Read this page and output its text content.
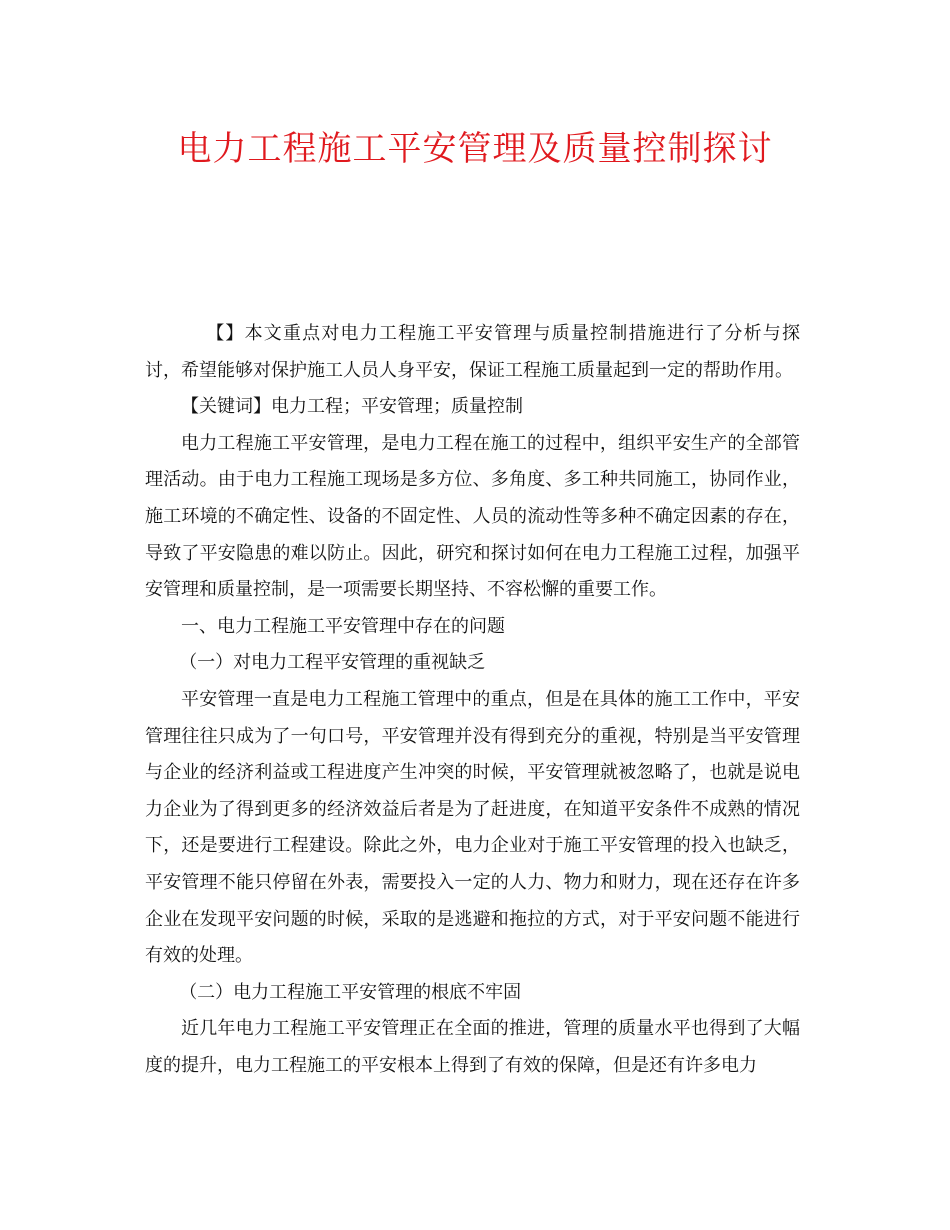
电力工程施工平安管理及质量控制探讨

【】本文重点对电力工程施工平安管理与质量控制措施进行了分析与探讨，希望能够对保护施工人员人身平安，保证工程施工质量起到一定的帮助作用。

【关键词】电力工程；平安管理；质量控制

电力工程施工平安管理，是电力工程在施工的过程中，组织平安生产的全部管理活动。由于电力工程施工现场是多方位、多角度、多工种共同施工，协同作业，施工环境的不确定性、设备的不固定性、人员的流动性等多种不确定因素的存在，导致了平安隐患的难以防止。因此，研究和探讨如何在电力工程施工过程，加强平安管理和质量控制，是一项需要长期坚持、不容松懈的重要工作。

一、电力工程施工平安管理中存在的问题

（一）对电力工程平安管理的重视缺乏

平安管理一直是电力工程施工管理中的重点，但是在具体的施工工作中，平安管理往往只成为了一句口号，平安管理并没有得到充分的重视，特别是当平安管理与企业的经济利益或工程进度产生冲突的时候，平安管理就被忽略了，也就是说电力企业为了得到更多的经济效益后者是为了赶进度，在知道平安条件不成熟的情况下，还是要进行工程建设。除此之外，电力企业对于施工平安管理的投入也缺乏，平安管理不能只停留在外表，需要投入一定的人力、物力和财力，现在还存在许多企业在发现平安问题的时候，采取的是逃避和拖拉的方式，对于平安问题不能进行有效的处理。

（二）电力工程施工平安管理的根底不牢固

近几年电力工程施工平安管理正在全面的推进，管理的质量水平也得到了大幅度的提升，电力工程施工的平安根本上得到了有效的保障，但是还有许多电力
